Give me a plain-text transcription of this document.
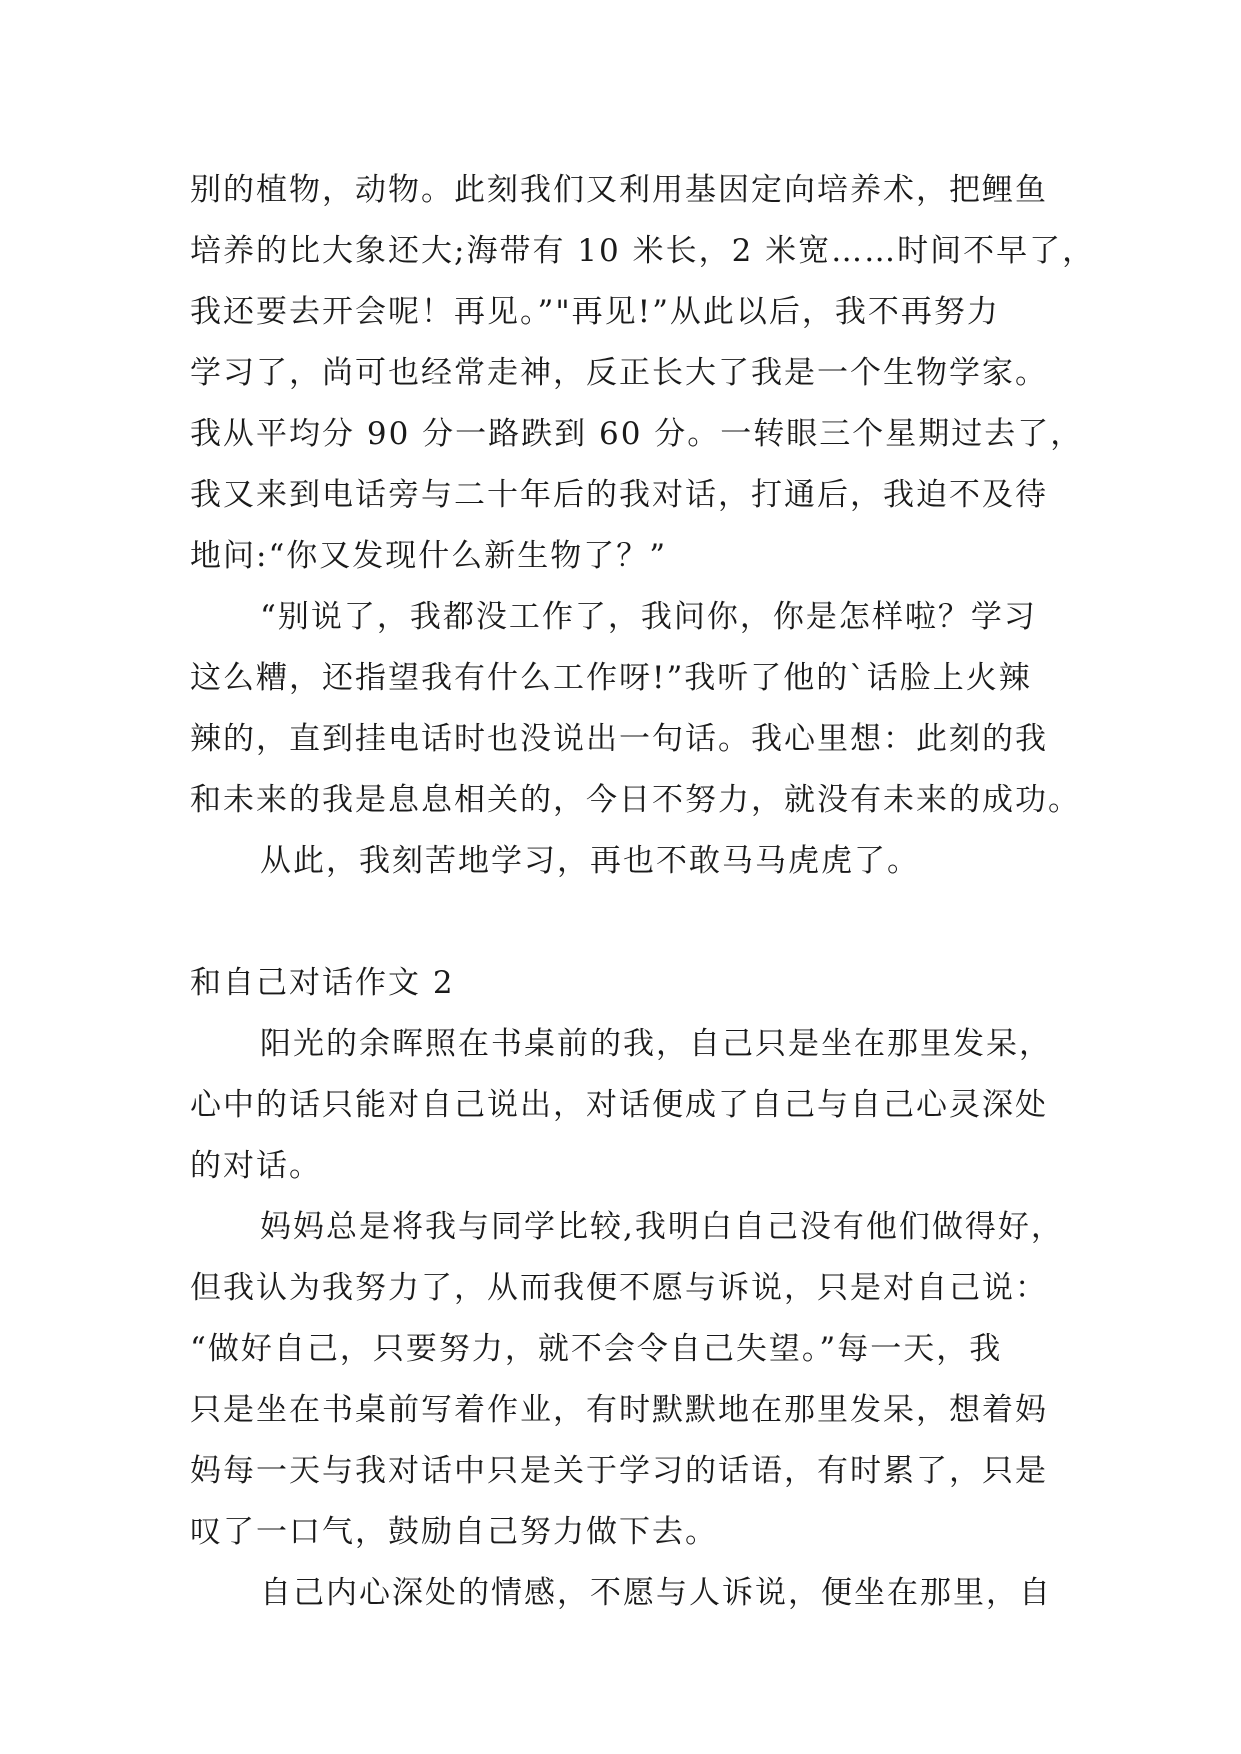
别的植物，动物。此刻我们又利用基因定向培养术，把鲤鱼
培养的比大象还大;海带有 10 米长，2 米宽……时间不早了，
我还要去开会呢！再见。”"再见!”从此以后，我不再努力
学习了，尚可也经常走神，反正长大了我是一个生物学家。
我从平均分 90 分一路跌到 60 分。一转眼三个星期过去了，
我又来到电话旁与二十年后的我对话，打通后，我迫不及待
地问:“你又发现什么新生物了？”
“别说了，我都没工作了，我问你，你是怎样啦？学习
这么糟，还指望我有什么工作呀!”我听了他的`话脸上火辣
辣的，直到挂电话时也没说出一句话。我心里想：此刻的我
和未来的我是息息相关的，今日不努力，就没有未来的成功。
从此，我刻苦地学习，再也不敢马马虎虎了。
和自己对话作文 2
阳光的余晖照在书桌前的我，自己只是坐在那里发呆，
心中的话只能对自己说出，对话便成了自己与自己心灵深处
的对话。
妈妈总是将我与同学比较,我明白自己没有他们做得好，
但我认为我努力了，从而我便不愿与诉说，只是对自己说：
“做好自己，只要努力，就不会令自己失望。”每一天，我
只是坐在书桌前写着作业，有时默默地在那里发呆，想着妈
妈每一天与我对话中只是关于学习的话语，有时累了，只是
叹了一口气，鼓励自己努力做下去。
自己内心深处的情感，不愿与人诉说，便坐在那里，自
